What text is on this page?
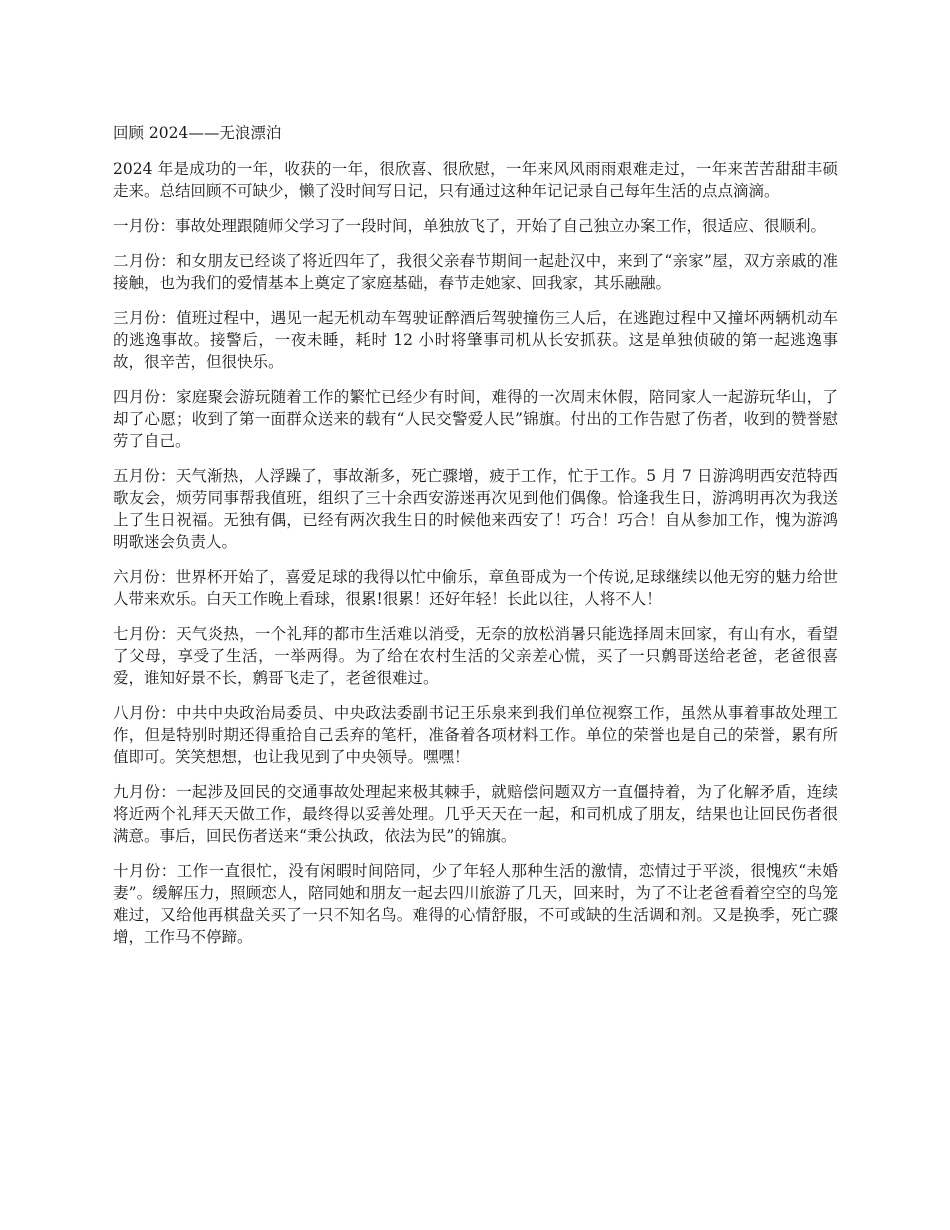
回顾 2024——无浪漂泊

2024 年是成功的一年，收获的一年，很欣喜、很欣慰，一年来风风雨雨艰难走过，一年来苦苦甜甜丰硕走来。总结回顾不可缺少，懒了没时间写日记，只有通过这种年记记录自己每年生活的点点滴滴。

一月份：事故处理跟随师父学习了一段时间，单独放飞了，开始了自己独立办案工作，很适应、很顺利。

二月份：和女朋友已经谈了将近四年了，我很父亲春节期间一起赴汉中，来到了“亲家”屋，双方亲戚的准接触，也为我们的爱情基本上奠定了家庭基础，春节走她家、回我家，其乐融融。

三月份：值班过程中，遇见一起无机动车驾驶证醉酒后驾驶撞伤三人后，在逃跑过程中又撞坏两辆机动车的逃逸事故。接警后，一夜未睡，耗时 12 小时将肇事司机从长安抓获。这是单独侦破的第一起逃逸事故，很辛苦，但很快乐。

四月份：家庭聚会游玩随着工作的繁忙已经少有时间，难得的一次周末休假，陪同家人一起游玩华山，了却了心愿；收到了第一面群众送来的载有“人民交警爱人民”锦旗。付出的工作告慰了伤者，收到的赞誉慰劳了自己。

五月份：天气渐热，人浮躁了，事故渐多，死亡骤增，疲于工作，忙于工作。5 月 7 日游鸿明西安范特西歌友会，烦劳同事帮我值班，组织了三十余西安游迷再次见到他们偶像。恰逢我生日，游鸿明再次为我送上了生日祝福。无独有偶，已经有两次我生日的时候他来西安了！巧合！巧合！自从参加工作，愧为游鸿明歌迷会负责人。

六月份：世界杯开始了，喜爱足球的我得以忙中偷乐，章鱼哥成为一个传说,足球继续以他无穷的魅力给世人带来欢乐。白天工作晚上看球，很累!很累！还好年轻！长此以往，人将不人！

七月份：天气炎热，一个礼拜的都市生活难以消受，无奈的放松消暑只能选择周末回家，有山有水，看望了父母，享受了生活，一举两得。为了给在农村生活的父亲差心慌，买了一只鹩哥送给老爸，老爸很喜爱，谁知好景不长，鹩哥飞走了，老爸很难过。

八月份：中共中央政治局委员、中央政法委副书记王乐泉来到我们单位视察工作，虽然从事着事故处理工作，但是特别时期还得重拾自己丢弃的笔杆，准备着各项材料工作。单位的荣誉也是自己的荣誉，累有所值即可。笑笑想想，也让我见到了中央领导。嘿嘿！

九月份：一起涉及回民的交通事故处理起来极其棘手，就赔偿问题双方一直僵持着，为了化解矛盾，连续将近两个礼拜天天做工作，最终得以妥善处理。几乎天天在一起，和司机成了朋友，结果也让回民伤者很满意。事后，回民伤者送来“秉公执政，依法为民”的锦旗。

十月份：工作一直很忙，没有闲暇时间陪同，少了年轻人那种生活的激情，恋情过于平淡，很愧疚“未婚妻”。缓解压力，照顾恋人，陪同她和朋友一起去四川旅游了几天，回来时，为了不让老爸看着空空的鸟笼难过，又给他再棋盘关买了一只不知名鸟。难得的心情舒服，不可或缺的生活调和剂。又是换季，死亡骤增，工作马不停蹄。
